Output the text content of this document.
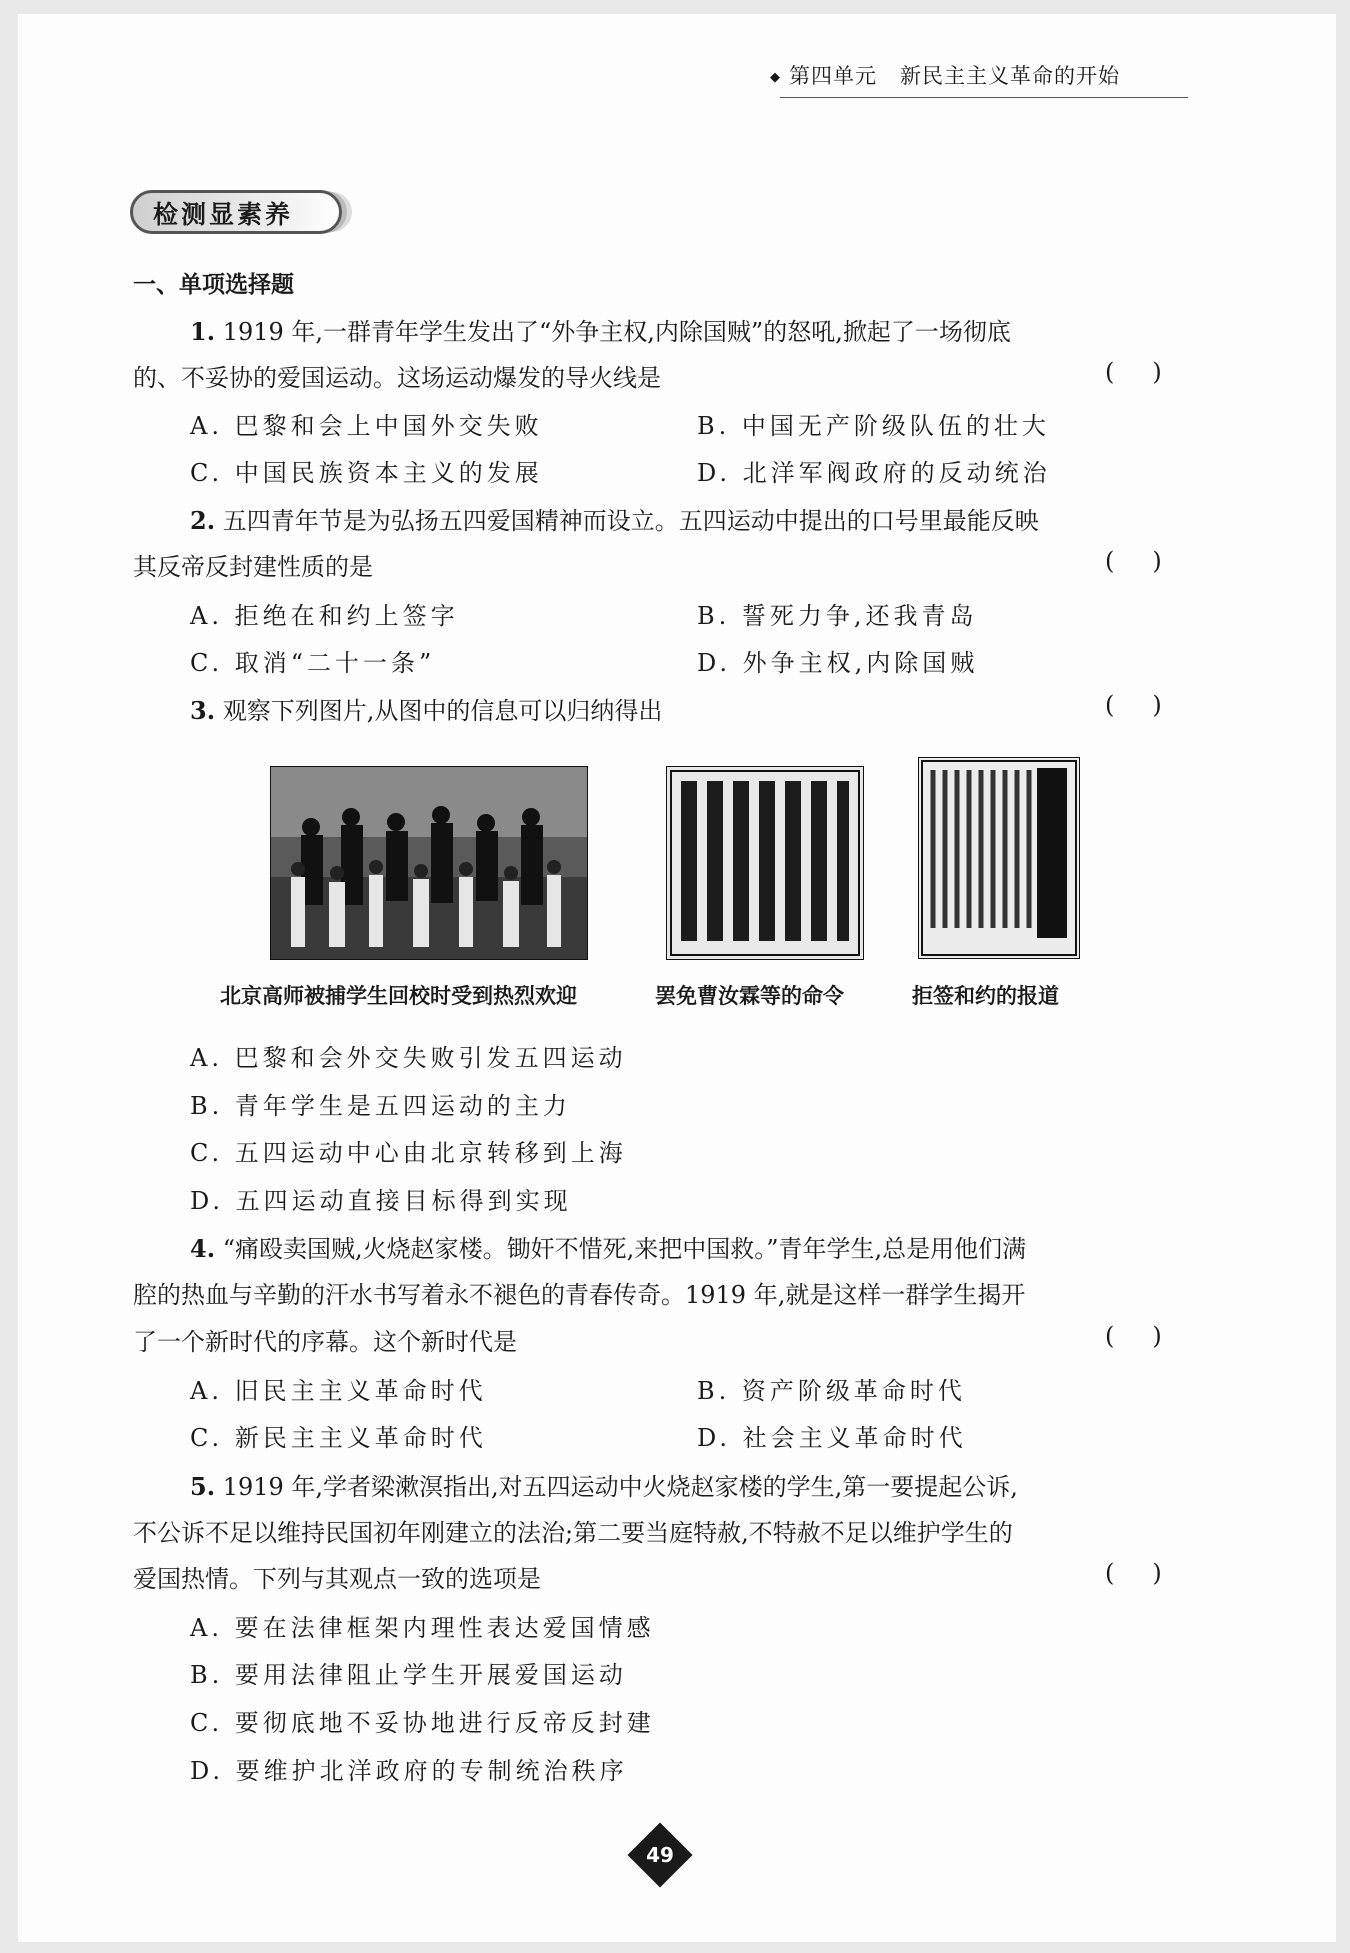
◆ 第四单元 新民主主义革命的开始
检测显素养
一、单项选择题
1. 1919 年,一群青年学生发出了“外争主权,内除国贼”的怒吼,掀起了一场彻底
的、不妥协的爱国运动。这场运动爆发的导火线是	()
A. 巴黎和会上中国外交失败	B. 中国无产阶级队伍的壮大
C. 中国民族资本主义的发展	D. 北洋军阀政府的反动统治
2. 五四青年节是为弘扬五四爱国精神而设立。五四运动中提出的口号里最能反映
其反帝反封建性质的是	()
A. 拒绝在和约上签字	B. 誓死力争,还我青岛
C. 取消“二十一条”	D. 外争主权,内除国贼
3. 观察下列图片,从图中的信息可以归纳得出	()
北京高师被捕学生回校时受到热烈欢迎	罢免曹汝霖等的命令	拒签和约的报道
A. 巴黎和会外交失败引发五四运动
B. 青年学生是五四运动的主力
C. 五四运动中心由北京转移到上海
D. 五四运动直接目标得到实现
4. “痛殴卖国贼,火烧赵家楼。锄奸不惜死,来把中国救。”青年学生,总是用他们满
腔的热血与辛勤的汗水书写着永不褪色的青春传奇。1919 年,就是这样一群学生揭开
了一个新时代的序幕。这个新时代是	()
A. 旧民主主义革命时代	B. 资产阶级革命时代
C. 新民主主义革命时代	D. 社会主义革命时代
5. 1919 年,学者梁漱溟指出,对五四运动中火烧赵家楼的学生,第一要提起公诉,
不公诉不足以维持民国初年刚建立的法治;第二要当庭特赦,不特赦不足以维护学生的
爱国热情。下列与其观点一致的选项是	()
A. 要在法律框架内理性表达爱国情感
B. 要用法律阻止学生开展爱国运动
C. 要彻底地不妥协地进行反帝反封建
D. 要维护北洋政府的专制统治秩序
49
